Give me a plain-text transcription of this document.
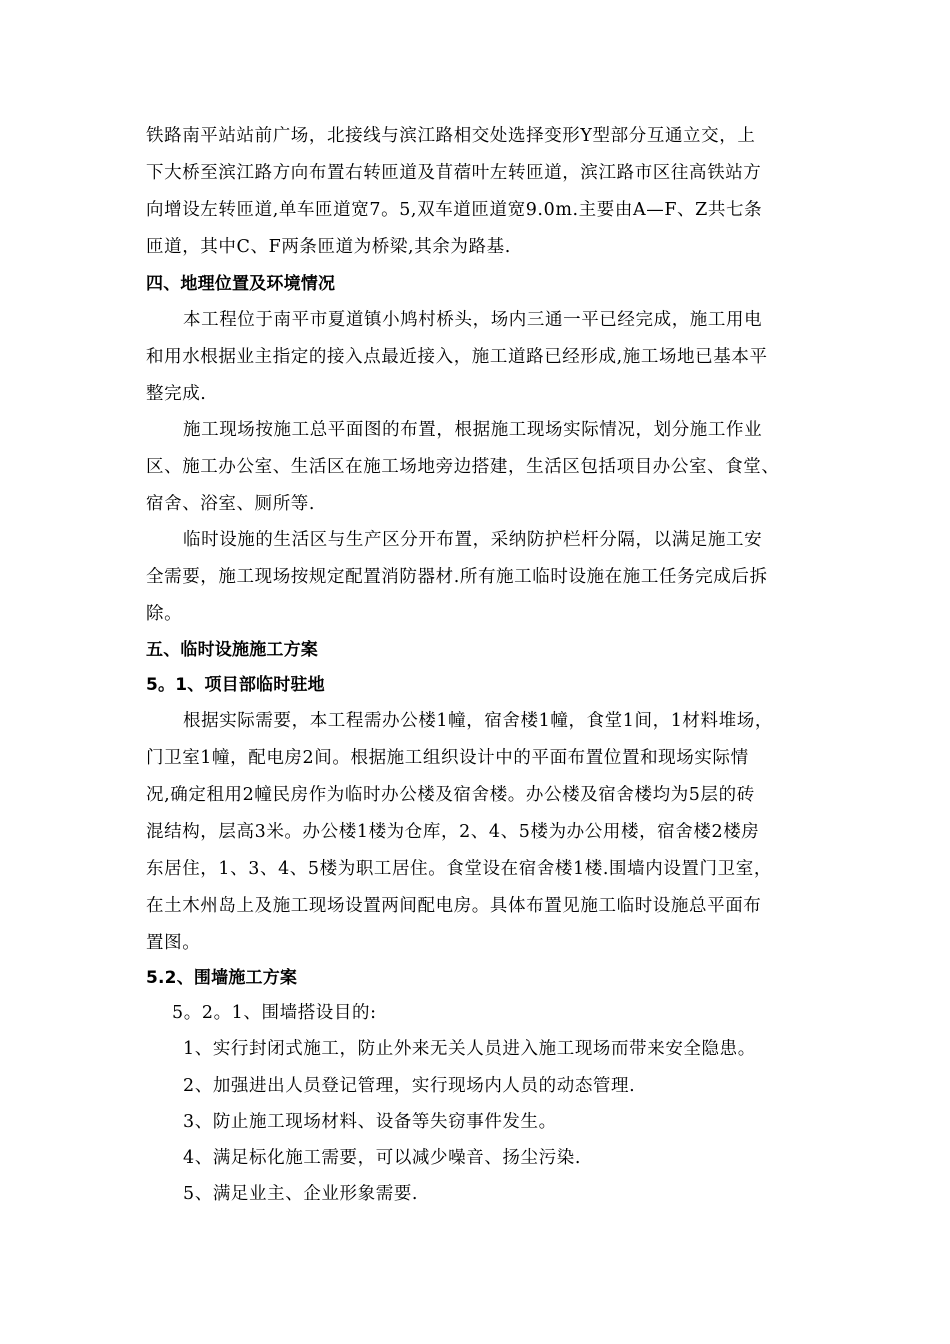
铁路南平站站前广场，北接线与滨江路相交处选择变形Y型部分互通立交，上
下大桥至滨江路方向布置右转匝道及苜蓿叶左转匝道，滨江路市区往高铁站方
向增设左转匝道,单车匝道宽7。5,双车道匝道宽9.0m.主要由A—F、Z共七条
匝道，其中C、F两条匝道为桥梁,其余为路基.
四、地理位置及环境情况
本工程位于南平市夏道镇小鸠村桥头，场内三通一平已经完成，施工用电
和用水根据业主指定的接入点最近接入，施工道路已经形成,施工场地已基本平
整完成.
施工现场按施工总平面图的布置，根据施工现场实际情况，划分施工作业
区、施工办公室、生活区在施工场地旁边搭建，生活区包括项目办公室、食堂、
宿舍、浴室、厕所等.
临时设施的生活区与生产区分开布置，采纳防护栏杆分隔，以满足施工安
全需要，施工现场按规定配置消防器材.所有施工临时设施在施工任务完成后拆
除。
五、临时设施施工方案
5。1、项目部临时驻地
根据实际需要，本工程需办公楼1幢，宿舍楼1幢，食堂1间，1材料堆场，
门卫室1幢，配电房2间。根据施工组织设计中的平面布置位置和现场实际情
况,确定租用2幢民房作为临时办公楼及宿舍楼。办公楼及宿舍楼均为5层的砖
混结构，层高3米。办公楼1楼为仓库，2、4、5楼为办公用楼，宿舍楼2楼房
东居住，1、3、4、5楼为职工居住。食堂设在宿舍楼1楼.围墙内设置门卫室，
在土木州岛上及施工现场设置两间配电房。具体布置见施工临时设施总平面布
置图。
5.2、围墙施工方案
5。2。1、围墙搭设目的:
1、实行封闭式施工，防止外来无关人员进入施工现场而带来安全隐患。
2、加强进出人员登记管理，实行现场内人员的动态管理.
3、防止施工现场材料、设备等失窃事件发生。
4、满足标化施工需要，可以减少噪音、扬尘污染.
5、满足业主、企业形象需要.
